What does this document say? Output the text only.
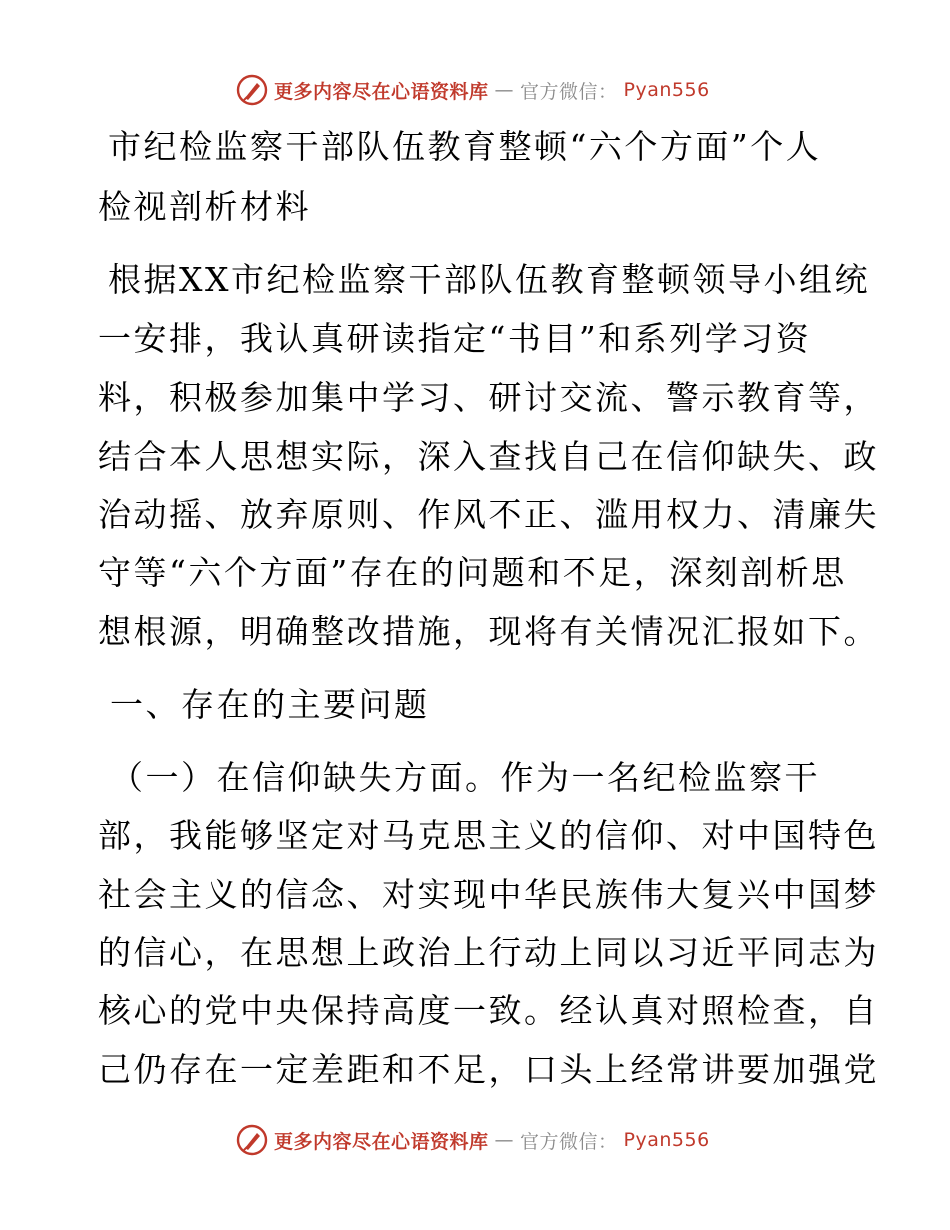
更多内容尽在心语资料库 — 官方微信： Pyan556
市纪检监察干部队伍教育整顿“六个方面”个人
检视剖析材料
根据XX市纪检监察干部队伍教育整顿领导小组统
一安排，我认真研读指定“书目”和系列学习资
料，积极参加集中学习、研讨交流、警示教育等，
结合本人思想实际，深入查找自己在信仰缺失、政
治动摇、放弃原则、作风不正、滥用权力、清廉失
守等“六个方面”存在的问题和不足，深刻剖析思
想根源，明确整改措施，现将有关情况汇报如下。
一、存在的主要问题
（一）在信仰缺失方面。作为一名纪检监察干
部，我能够坚定对马克思主义的信仰、对中国特色
社会主义的信念、对实现中华民族伟大复兴中国梦
的信心，在思想上政治上行动上同以习近平同志为
核心的党中央保持高度一致。经认真对照检查，自
己仍存在一定差距和不足，口头上经常讲要加强党
更多内容尽在心语资料库 — 官方微信： Pyan556
